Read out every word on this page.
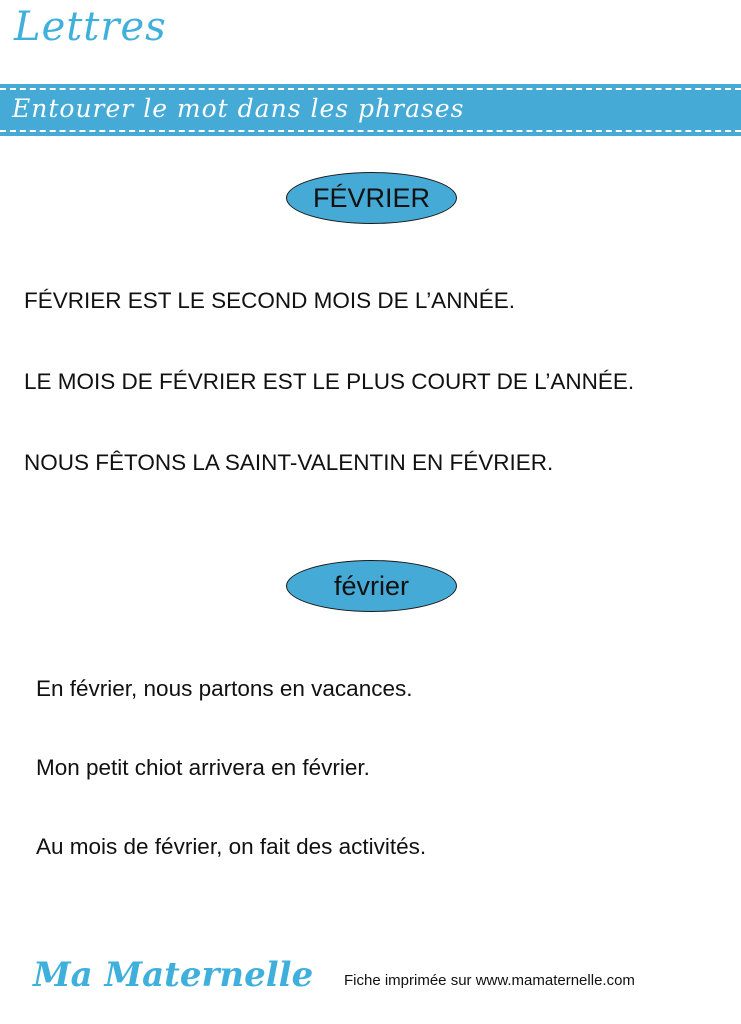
Lettres
Entourer le mot dans les phrases
FÉVRIER
FÉVRIER EST LE SECOND MOIS DE L’ANNÉE.
LE MOIS DE FÉVRIER EST LE PLUS COURT DE L’ANNÉE.
NOUS FÊTONS LA SAINT-VALENTIN EN FÉVRIER.
février
En février, nous partons en vacances.
Mon petit chiot arrivera en février.
Au mois de février, on fait des activités.
Ma Maternelle Fiche imprimée sur www.mamaternelle.com
